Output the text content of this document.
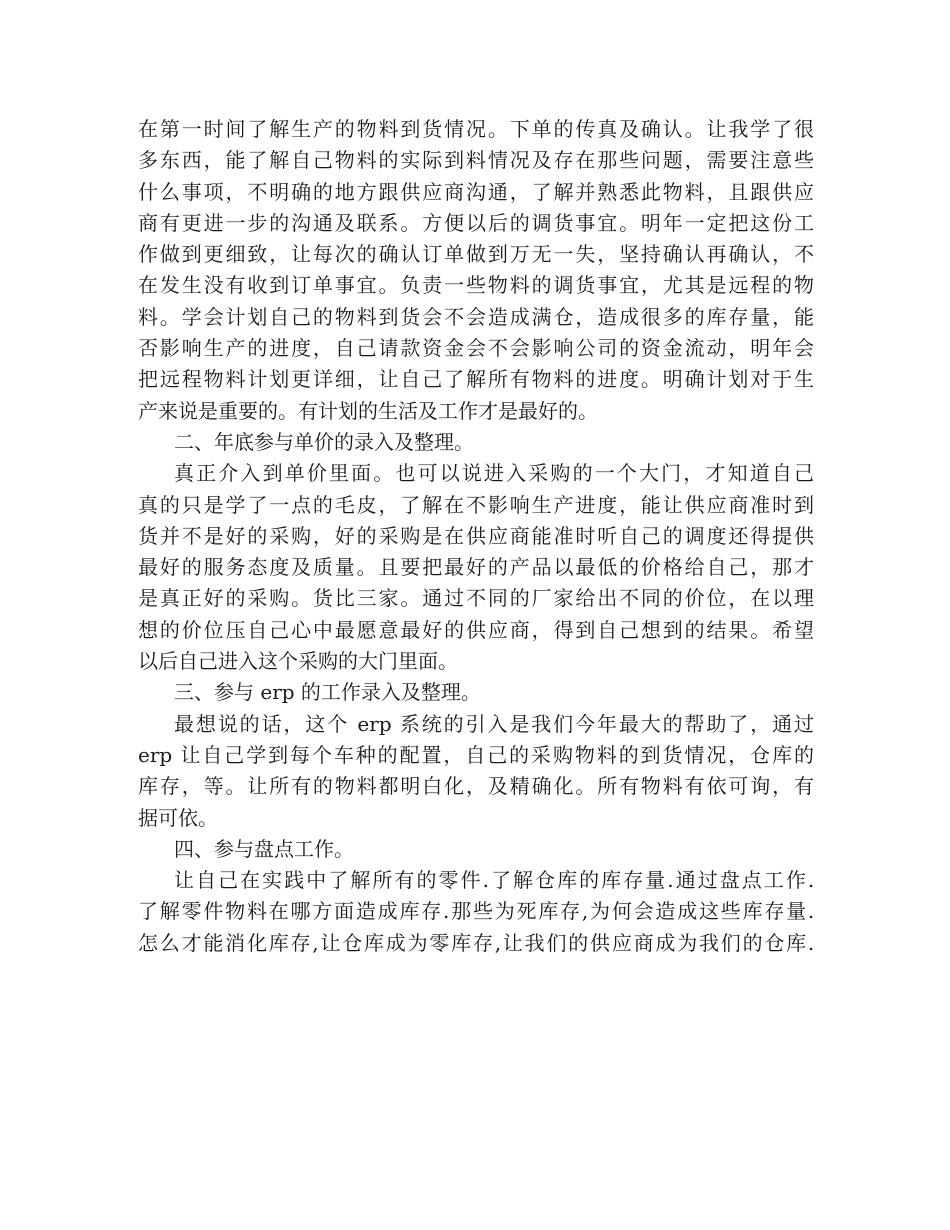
在第一时间了解生产的物料到货情况。下单的传真及确认。让我学了很
多东西，能了解自己物料的实际到料情况及存在那些问题，需要注意些
什么事项，不明确的地方跟供应商沟通，了解并熟悉此物料，且跟供应
商有更进一步的沟通及联系。方便以后的调货事宜。明年一定把这份工
作做到更细致，让每次的确认订单做到万无一失，坚持确认再确认，不
在发生没有收到订单事宜。负责一些物料的调货事宜，尤其是远程的物
料。学会计划自己的物料到货会不会造成满仓，造成很多的库存量，能
否影响生产的进度，自己请款资金会不会影响公司的资金流动，明年会
把远程物料计划更详细，让自己了解所有物料的进度。明确计划对于生
产来说是重要的。有计划的生活及工作才是最好的。
二、年底参与单价的录入及整理。
真正介入到单价里面。也可以说进入采购的一个大门，才知道自己
真的只是学了一点的毛皮，了解在不影响生产进度，能让供应商准时到
货并不是好的采购，好的采购是在供应商能准时听自己的调度还得提供
最好的服务态度及质量。且要把最好的产品以最低的价格给自己，那才
是真正好的采购。货比三家。通过不同的厂家给出不同的价位，在以理
想的价位压自己心中最愿意最好的供应商，得到自己想到的结果。希望
以后自己进入这个采购的大门里面。
三、参与 erp 的工作录入及整理。
最想说的话，这个 erp 系统的引入是我们今年最大的帮助了，通过
erp 让自己学到每个车种的配置，自己的采购物料的到货情况，仓库的
库存，等。让所有的物料都明白化，及精确化。所有物料有依可询，有
据可依。
四、参与盘点工作。
让自己在实践中了解所有的零件.了解仓库的库存量.通过盘点工作.
了解零件物料在哪方面造成库存.那些为死库存,为何会造成这些库存量.
怎么才能消化库存,让仓库成为零库存,让我们的供应商成为我们的仓库.
